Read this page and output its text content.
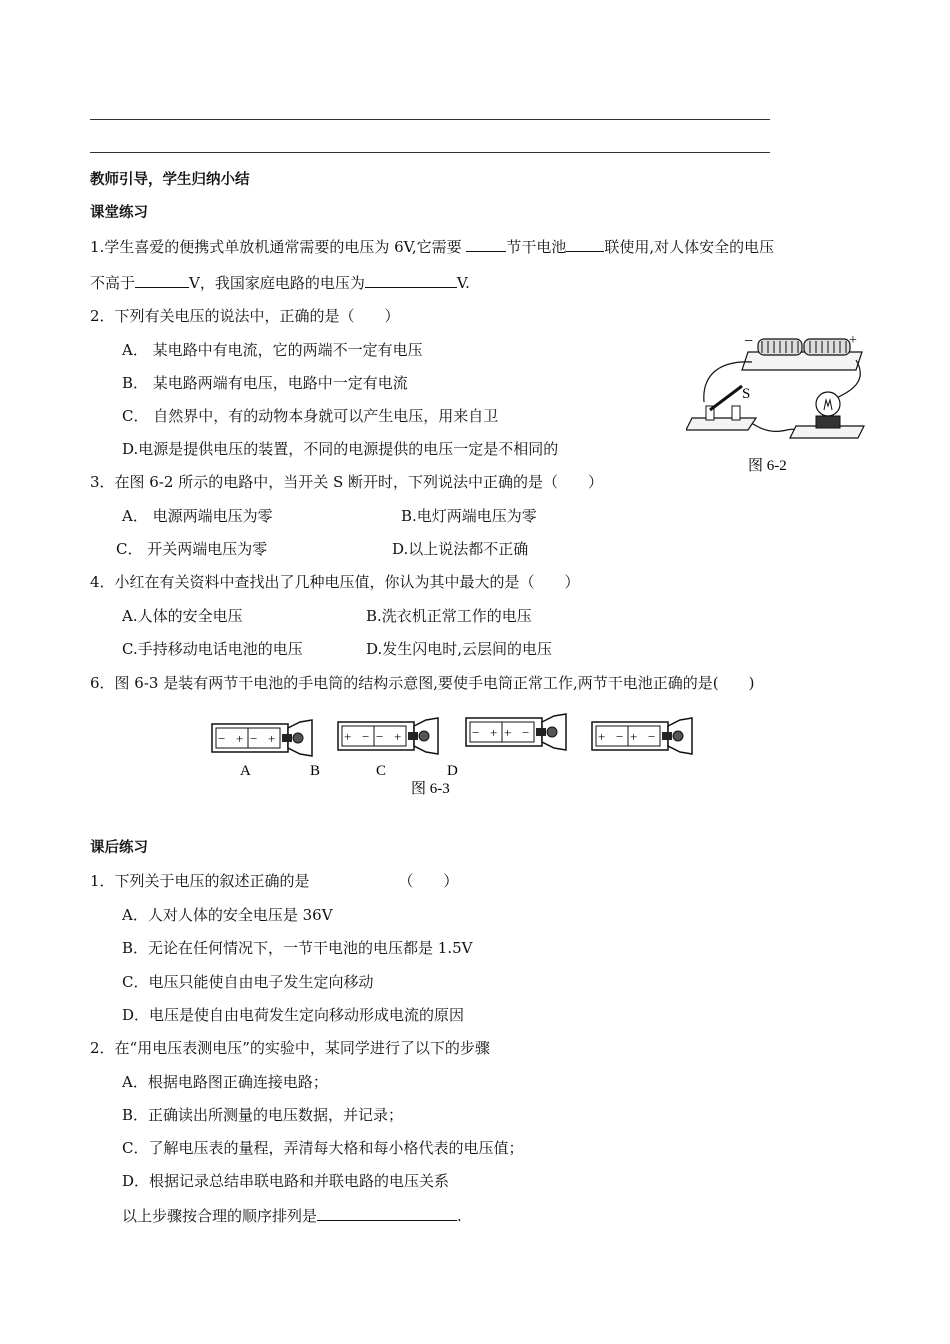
教师引导，学生归纳小结
课堂练习
1.学生喜爱的便携式单放机通常需要的电压为 6V,它需要	节干电池	联使用,对人体安全的电压
不高于	V，我国家庭电路的电压为	V.
2．下列有关电压的说法中，正确的是（　　）
A． 某电路中有电流，它的两端不一定有电压
B． 某电路两端有电压，电路中一定有电流
C． 自然界中，有的动物本身就可以产生电压，用来自卫
D.电源是提供电压的装置，不同的电源提供的电压一定是不相同的
−	+
S
图 6-2
3．在图 6-2 所示的电路中，当开关 S 断开时，下列说法中正确的是（　　）
A． 电源两端电压为零	B.电灯两端电压为零
C． 开关两端电压为零	D.以上说法都不正确
4．小红在有关资料中查找出了几种电压值，你认为其中最大的是（　　）
A.人体的安全电压	B.洗衣机正常工作的电压
C.手持移动电话电池的电压	D.发生闪电时,云层间的电压
6．图 6-3 是装有两节干电池的手电筒的结构示意图,要使手电筒正常工作,两节干电池正确的是(　　)
− + − +	+ − − +	− + + −	+ − + −
A	B	C	D
图 6-3
课后练习
1．下列关于电压的叙述正确的是	（　　）
A．人对人体的安全电压是 36V
B．无论在任何情况下，一节干电池的电压都是 1.5V
C．电压只能使自由电子发生定向移动
D．电压是使自由电荷发生定向移动形成电流的原因
2．在“用电压表测电压”的实验中，某同学进行了以下的步骤
A．根据电路图正确连接电路；
B．正确读出所测量的电压数据，并记录；
C．了解电压表的量程，弄清每大格和每小格代表的电压值；
D．根据记录总结串联电路和并联电路的电压关系
以上步骤按合理的顺序排列是	.
